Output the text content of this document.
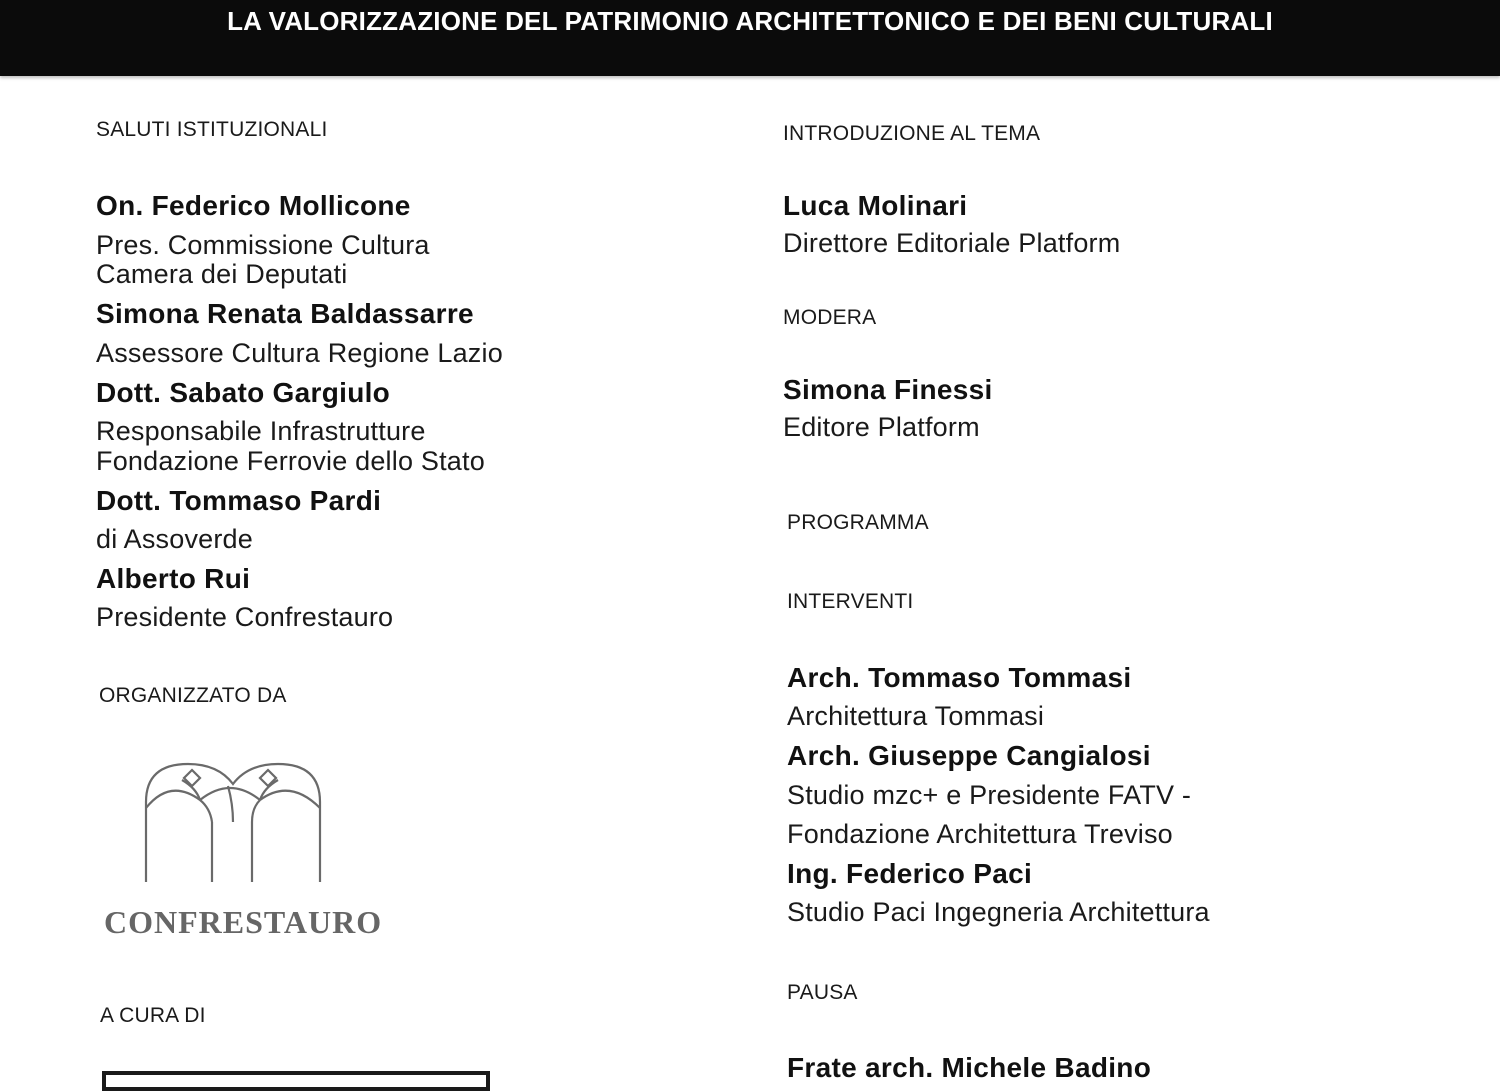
LA VALORIZZAZIONE DEL PATRIMONIO ARCHITETTONICO E DEI BENI CULTURALI
SALUTI ISTITUZIONALI
On. Federico Mollicone
Pres. Commissione Cultura
Camera dei Deputati
Simona Renata Baldassarre
Assessore Cultura Regione Lazio
Dott. Sabato Gargiulo
Responsabile Infrastrutture
Fondazione Ferrovie dello Stato
Dott. Tommaso Pardi
di Assoverde
Alberto Rui
Presidente Confrestauro
ORGANIZZATO DA
CONFRESTAURO
A CURA DI
INTRODUZIONE AL TEMA
Luca Molinari
Direttore Editoriale Platform
MODERA
Simona Finessi
Editore Platform
PROGRAMMA
INTERVENTI
Arch. Tommaso Tommasi
Architettura Tommasi
Arch. Giuseppe Cangialosi
Studio mzc+ e Presidente FATV -
Fondazione Architettura Treviso
Ing. Federico Paci
Studio Paci Ingegneria Architettura
PAUSA
Frate arch. Michele Badino
